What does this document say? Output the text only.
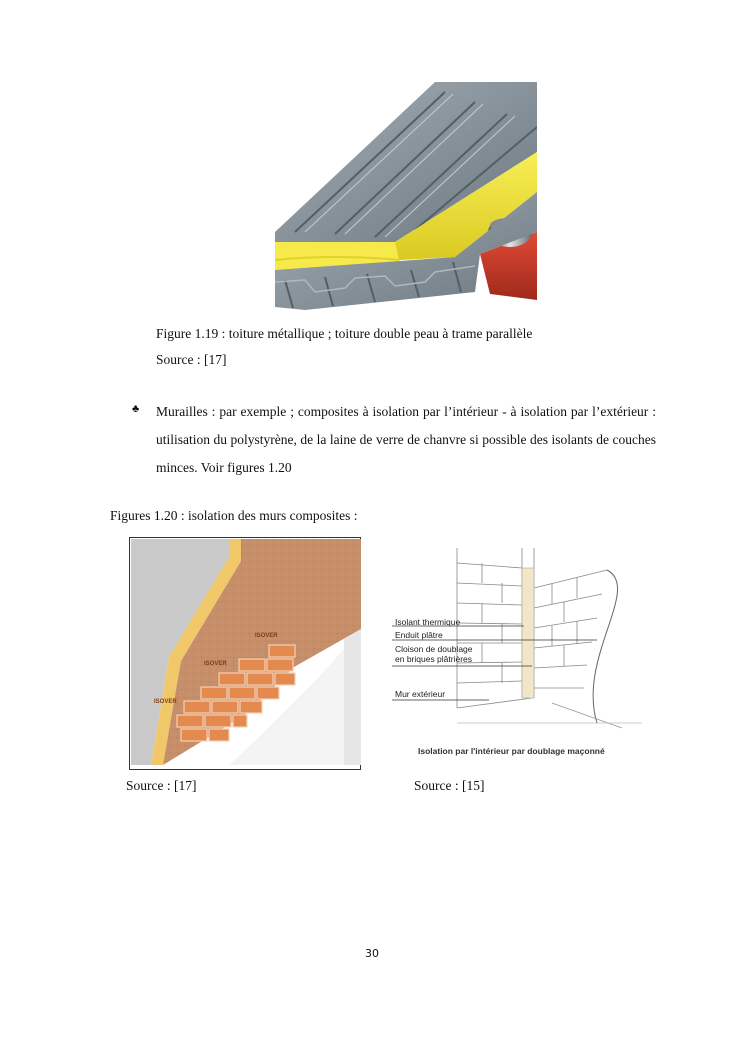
Figure 1.19 : toiture métallique ; toiture double peau à trame parallèle
Source : [17]
♣ Murailles : par exemple ; composites à isolation par l’intérieur - à isolation par l’extérieur : utilisation du polystyrène, de la laine de verre de chanvre si possible des isolants de couches minces. Voir figures 1.20
Figures 1.20 : isolation des murs composites :
ISOVER
ISOVER
ISOVER
Isolant thermique
Enduit plâtre
Cloison de doublage
en briques plâtrières
Mur extérieur
Isolation par l'intérieur par doublage maçonné
Source : [17]	Source : [15]
30
